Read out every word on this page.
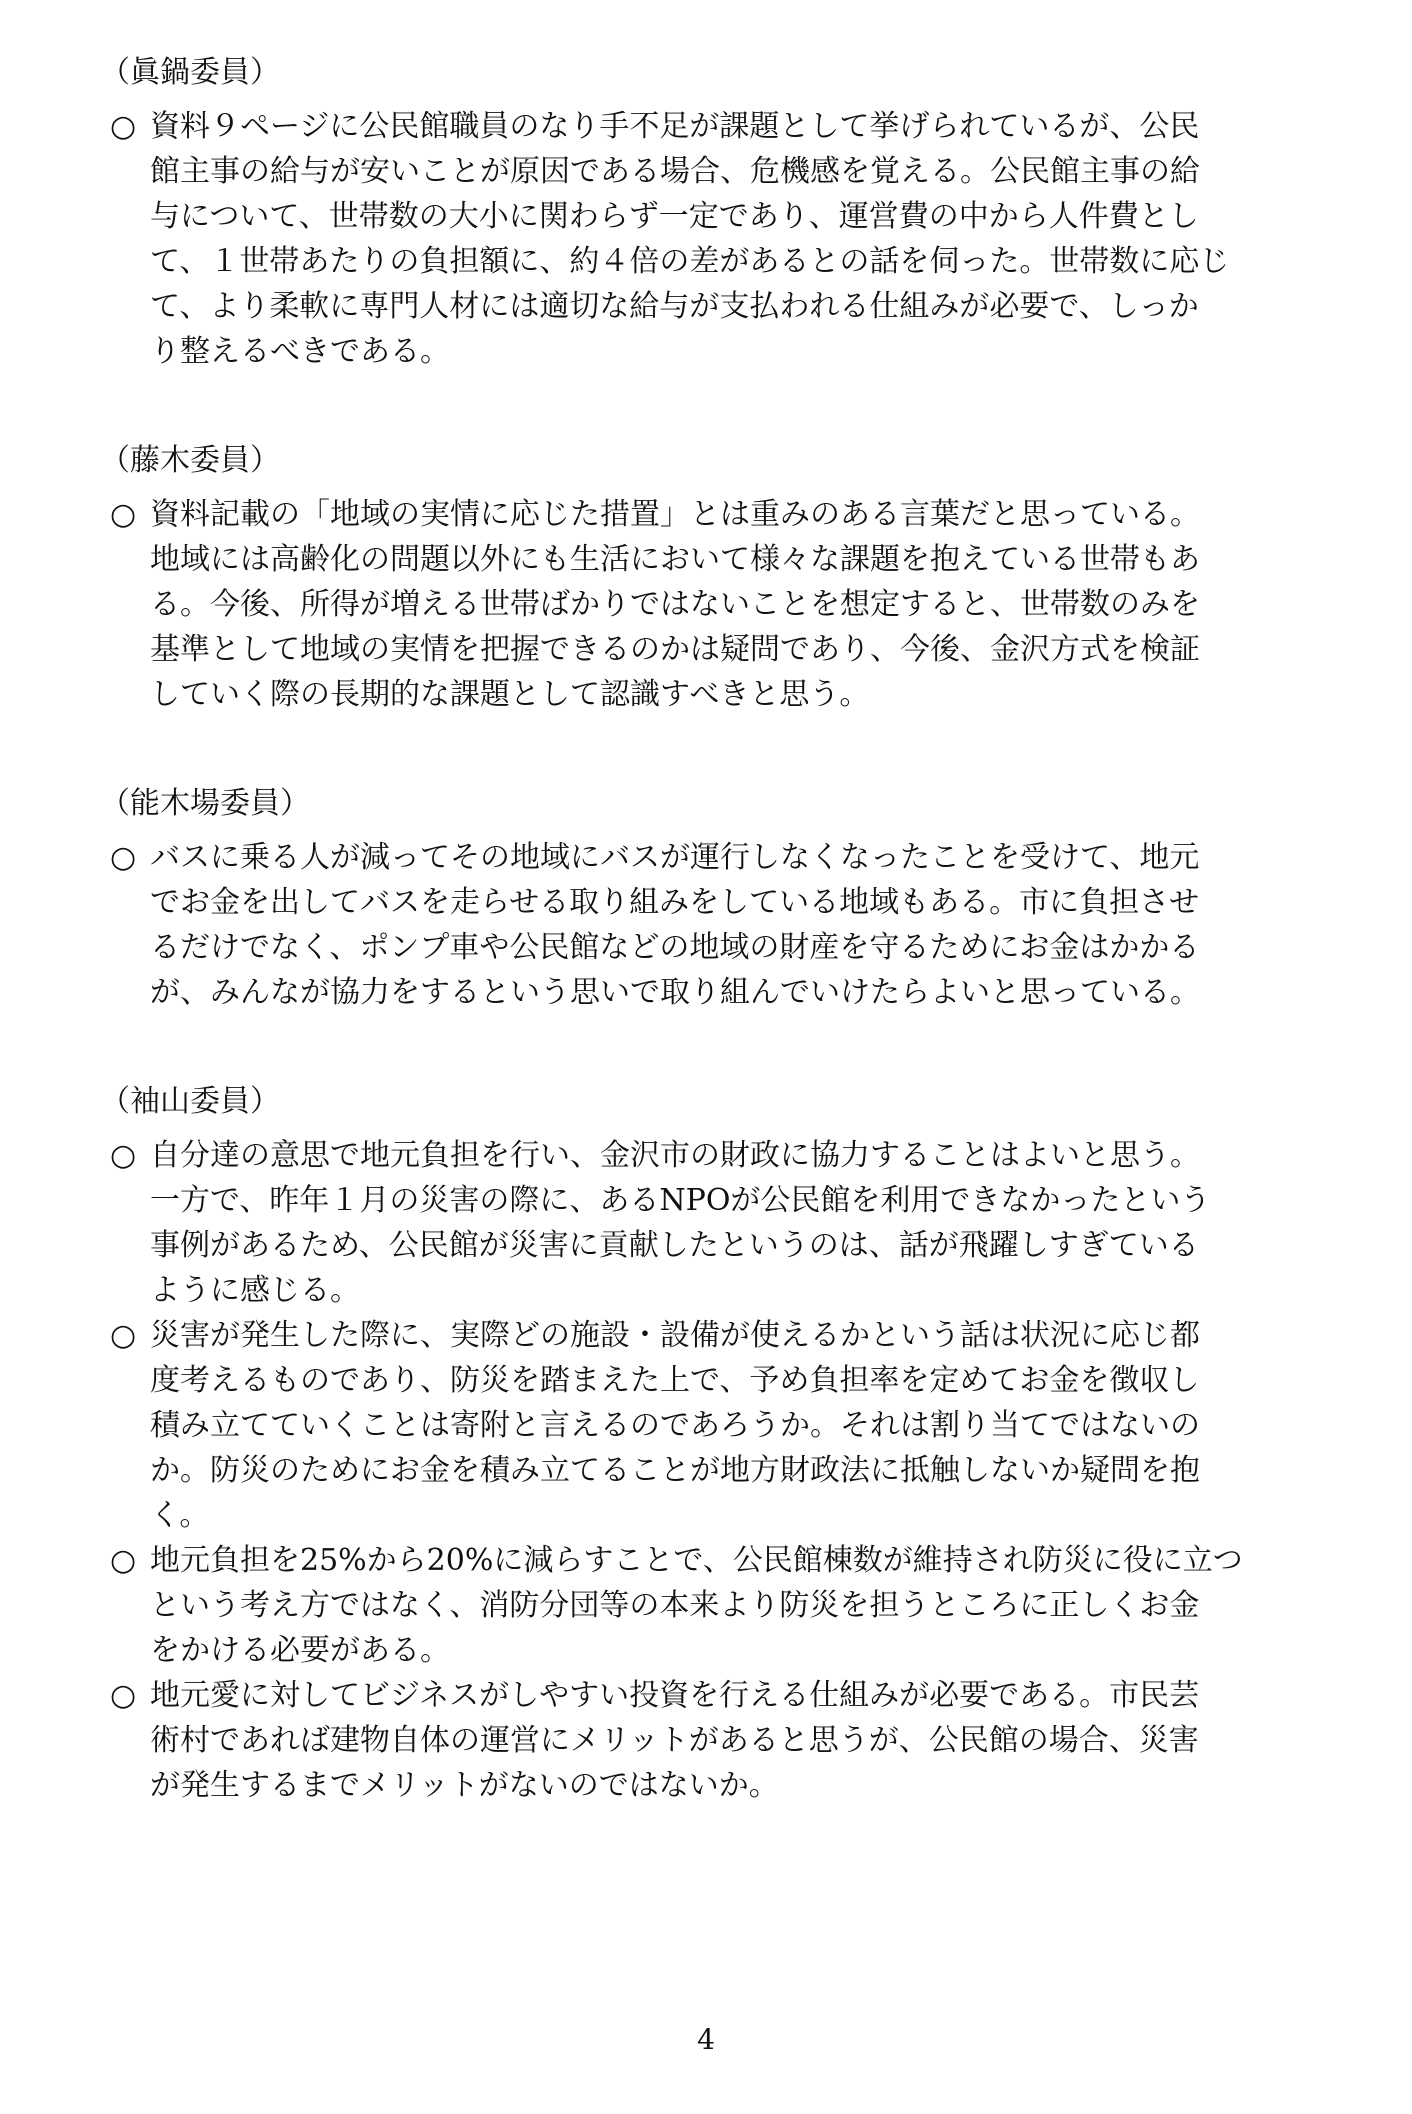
（眞鍋委員）
○ 資料９ページに公民館職員のなり手不足が課題として挙げられているが、公民
館主事の給与が安いことが原因である場合、危機感を覚える。公民館主事の給
与について、世帯数の大小に関わらず一定であり、運営費の中から人件費とし
て、１世帯あたりの負担額に、約４倍の差があるとの話を伺った。世帯数に応じ
て、より柔軟に専門人材には適切な給与が支払われる仕組みが必要で、しっか
り整えるべきである。
（藤木委員）
○ 資料記載の「地域の実情に応じた措置」とは重みのある言葉だと思っている。
地域には高齢化の問題以外にも生活において様々な課題を抱えている世帯もあ
る。今後、所得が増える世帯ばかりではないことを想定すると、世帯数のみを
基準として地域の実情を把握できるのかは疑問であり、今後、金沢方式を検証
していく際の長期的な課題として認識すべきと思う。
（能木場委員）
○ バスに乗る人が減ってその地域にバスが運行しなくなったことを受けて、地元
でお金を出してバスを走らせる取り組みをしている地域もある。市に負担させ
るだけでなく、ポンプ車や公民館などの地域の財産を守るためにお金はかかる
が、みんなが協力をするという思いで取り組んでいけたらよいと思っている。
（袖山委員）
○ 自分達の意思で地元負担を行い、金沢市の財政に協力することはよいと思う。
一方で、昨年１月の災害の際に、あるNPOが公民館を利用できなかったという
事例があるため、公民館が災害に貢献したというのは、話が飛躍しすぎている
ように感じる。
○ 災害が発生した際に、実際どの施設・設備が使えるかという話は状況に応じ都
度考えるものであり、防災を踏まえた上で、予め負担率を定めてお金を徴収し
積み立てていくことは寄附と言えるのであろうか。それは割り当てではないの
か。防災のためにお金を積み立てることが地方財政法に抵触しないか疑問を抱
く。
○ 地元負担を25%から20%に減らすことで、公民館棟数が維持され防災に役に立つ
という考え方ではなく、消防分団等の本来より防災を担うところに正しくお金
をかける必要がある。
○ 地元愛に対してビジネスがしやすい投資を行える仕組みが必要である。市民芸
術村であれば建物自体の運営にメリットがあると思うが、公民館の場合、災害
が発生するまでメリットがないのではないか。
4
